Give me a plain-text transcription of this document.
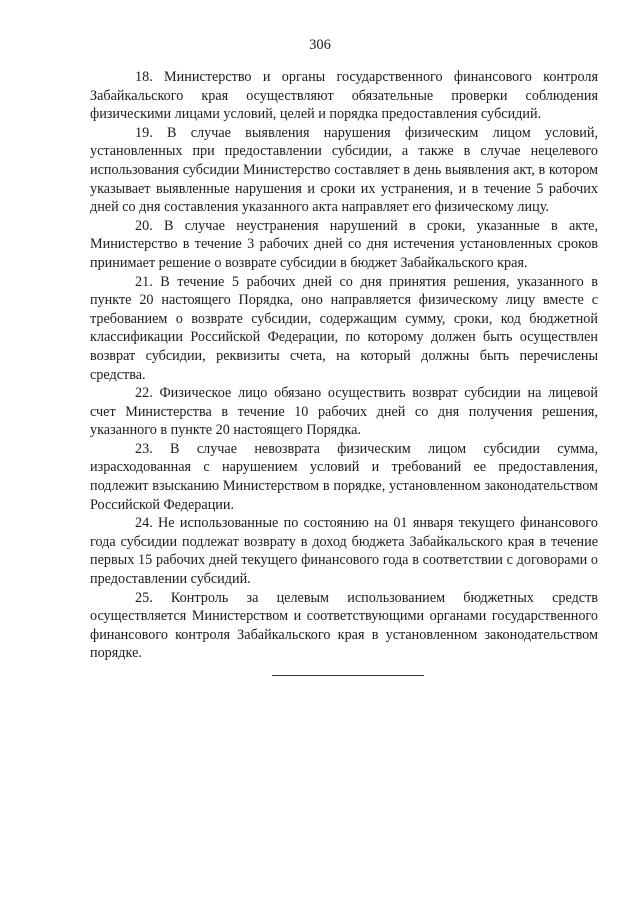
306

18. Министерство и органы государственного финансового контроля Забайкальского края осуществляют обязательные проверки соблюдения физическими лицами условий, целей и порядка предоставления субсидий.

19. В случае выявления нарушения физическим лицом условий, установленных при предоставлении субсидии, а также в случае нецелевого использования субсидии Министерство составляет в день выявления акт, в котором указывает выявленные нарушения и сроки их устранения, и в течение 5 рабочих дней со дня составления указанного акта направляет его физическому лицу.

20. В случае неустранения нарушений в сроки, указанные в акте, Министерство в течение 3 рабочих дней со дня истечения установленных сроков принимает решение о возврате субсидии в бюджет Забайкальского края.

21. В течение 5 рабочих дней со дня принятия решения, указанного в пункте 20 настоящего Порядка, оно направляется физическому лицу вместе с требованием о возврате субсидии, содержащим сумму, сроки, код бюджетной классификации Российской Федерации, по которому должен быть осуществлен возврат субсидии, реквизиты счета, на который должны быть перечислены средства.

22. Физическое лицо обязано осуществить возврат субсидии на лицевой счет Министерства в течение 10 рабочих дней со дня получения решения, указанного в пункте 20 настоящего Порядка.

23. В случае невозврата физическим лицом субсидии сумма, израсходованная с нарушением условий и требований ее предоставления, подлежит взысканию Министерством в порядке, установленном законодательством Российской Федерации.

24. Не использованные по состоянию на 01 января текущего финансового года субсидии подлежат возврату в доход бюджета Забайкальского края в течение первых 15 рабочих дней текущего финансового года в соответствии с договорами о предоставлении субсидий.

25. Контроль за целевым использованием бюджетных средств осуществляется Министерством и соответствующими органами государственного финансового контроля Забайкальского края в установленном законодательством порядке.
